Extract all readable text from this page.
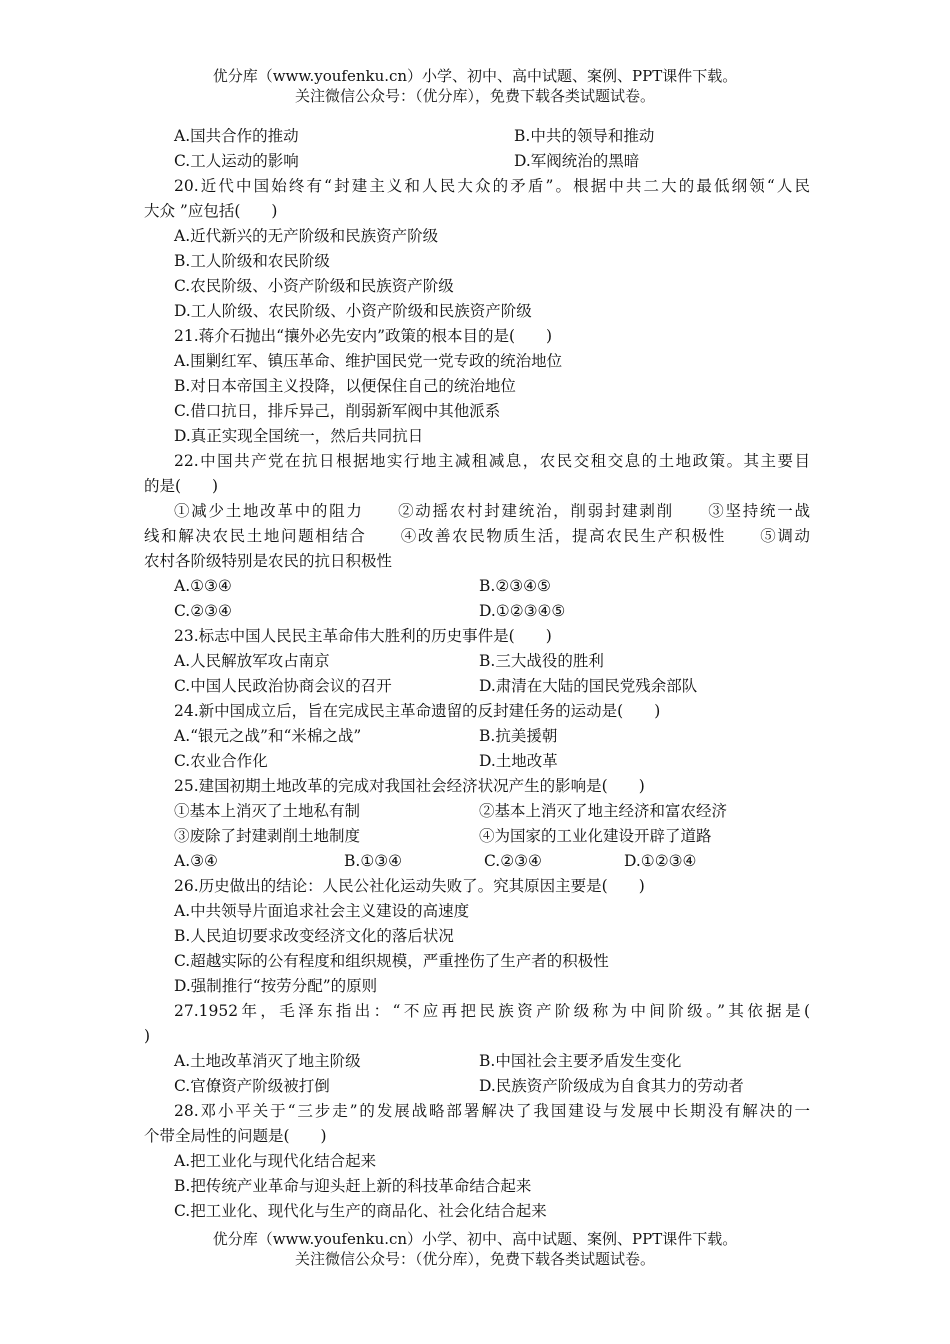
优分库（www.youfenku.cn）小学、初中、高中试题、案例、PPT课件下载。
关注微信公众号：（优分库），免费下载各类试题试卷。
A.国共合作的推动	B.中共的领导和推动
C.工人运动的影响	D.军阀统治的黑暗
20.近代中国始终有“封建主义和人民大众的矛盾”。根据中共二大的最低纲领“人民
大众 ”应包括(　　)
A.近代新兴的无产阶级和民族资产阶级
B.工人阶级和农民阶级
C.农民阶级、小资产阶级和民族资产阶级
D.工人阶级、农民阶级、小资产阶级和民族资产阶级
21.蒋介石抛出“攘外必先安内”政策的根本目的是(　　)
A.围剿红军、镇压革命、维护国民党一党专政的统治地位
B.对日本帝国主义投降，以便保住自己的统治地位
C.借口抗日，排斥异己，削弱新军阀中其他派系
D.真正实现全国统一，然后共同抗日
22.中国共产党在抗日根据地实行地主减租减息，农民交租交息的土地政策。其主要目
的是(　　)
①减少土地改革中的阻力　　②动摇农村封建统治，削弱封建剥削　　③坚持统一战
线和解决农民土地问题相结合　　④改善农民物质生活，提高农民生产积极性　　⑤调动
农村各阶级特别是农民的抗日积极性
A.①③④	B.②③④⑤
C.②③④	D.①②③④⑤
23.标志中国人民民主革命伟大胜利的历史事件是(　　)
A.人民解放军攻占南京	B.三大战役的胜利
C.中国人民政治协商会议的召开	D.肃清在大陆的国民党残余部队
24.新中国成立后，旨在完成民主革命遗留的反封建任务的运动是(　　)
A.“银元之战”和“米棉之战”	B.抗美援朝
C.农业合作化	D.土地改革
25.建国初期土地改革的完成对我国社会经济状况产生的影响是(　　)
①基本上消灭了土地私有制	②基本上消灭了地主经济和富农经济
③废除了封建剥削土地制度	④为国家的工业化建设开辟了道路
A.③④	B.①③④	C.②③④	D.①②③④
26.历史做出的结论：人民公社化运动失败了。究其原因主要是(　　)
A.中共领导片面追求社会主义建设的高速度
B.人民迫切要求改变经济文化的落后状况
C.超越实际的公有程度和组织规模，严重挫伤了生产者的积极性
D.强制推行“按劳分配”的原则
27.1952年，毛泽东指出：“不应再把民族资产阶级称为中间阶级。”其依据是(
)
A.土地改革消灭了地主阶级	B.中国社会主要矛盾发生变化
C.官僚资产阶级被打倒	D.民族资产阶级成为自食其力的劳动者
28.邓小平关于“三步走”的发展战略部署解决了我国建设与发展中长期没有解决的一
个带全局性的问题是(　　)
A.把工业化与现代化结合起来
B.把传统产业革命与迎头赶上新的科技革命结合起来
C.把工业化、现代化与生产的商品化、社会化结合起来
优分库（www.youfenku.cn）小学、初中、高中试题、案例、PPT课件下载。
关注微信公众号：（优分库），免费下载各类试题试卷。
